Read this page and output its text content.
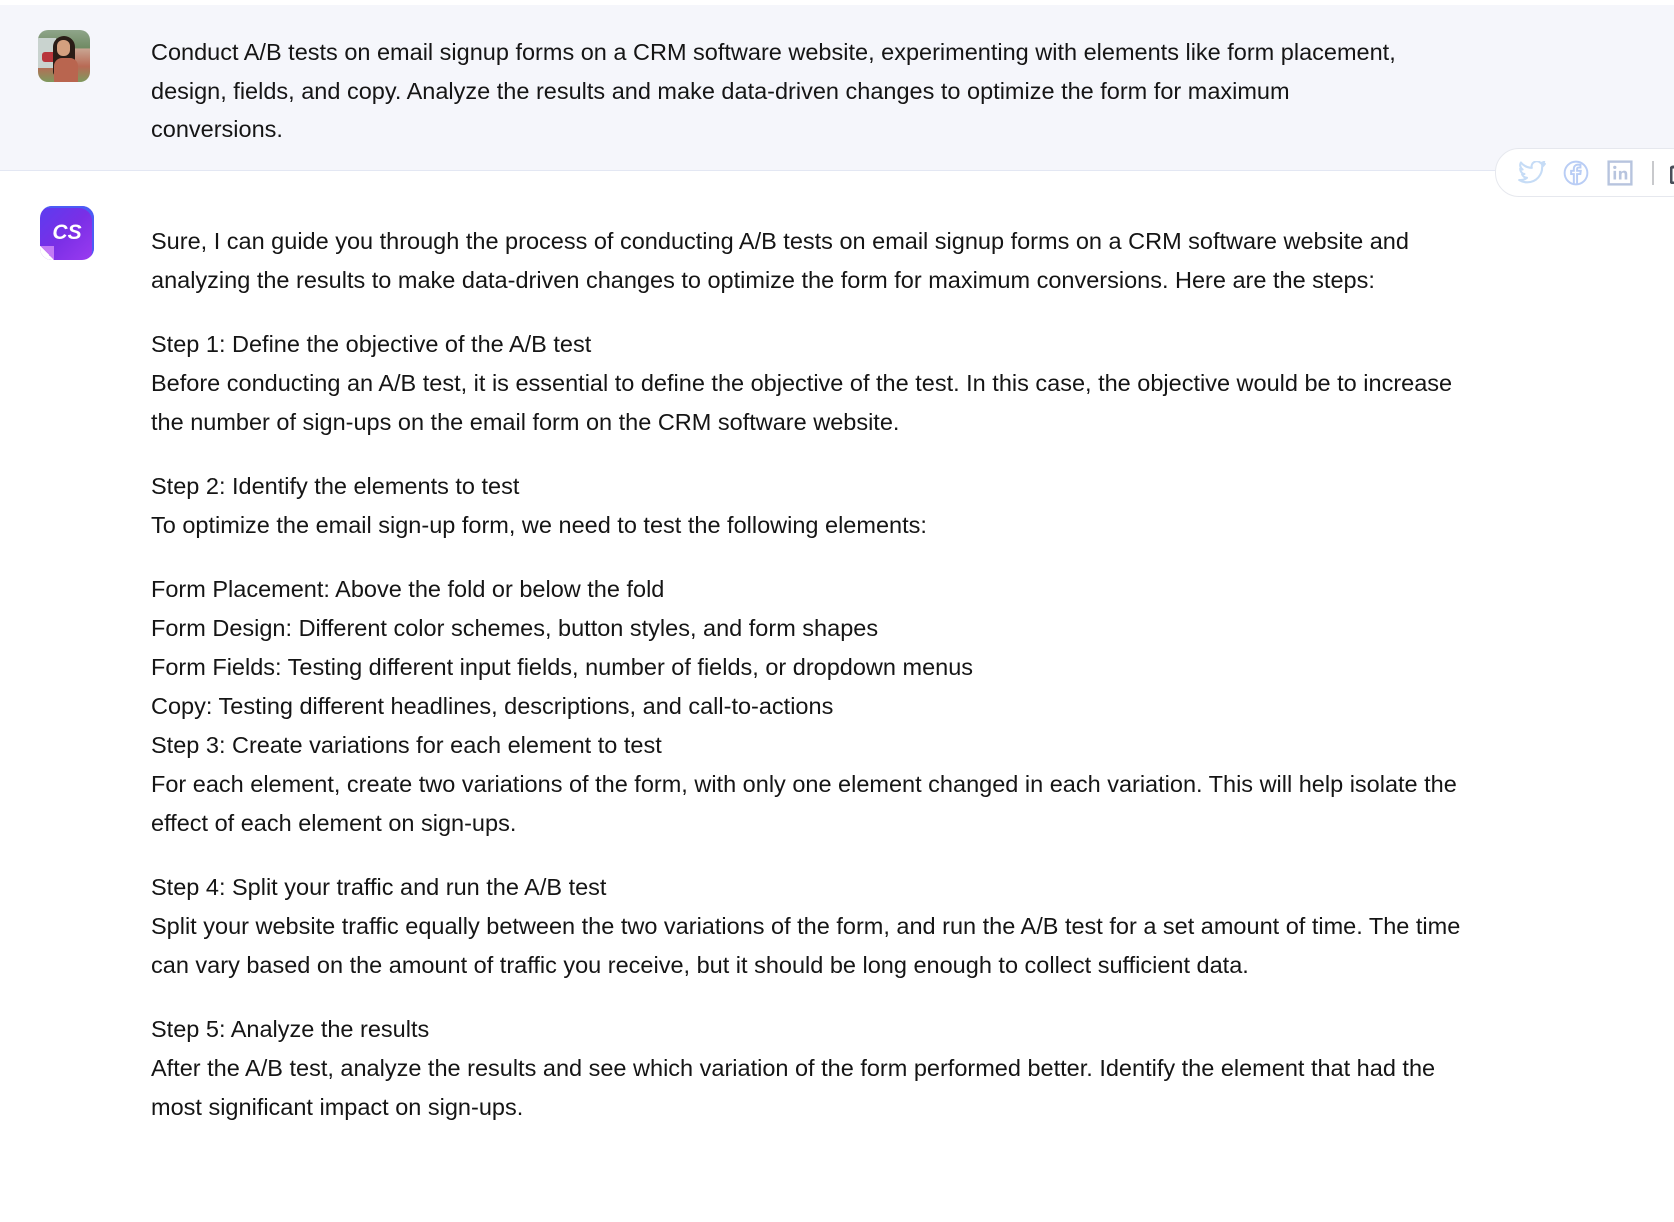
Conduct A/B tests on email signup forms on a CRM software website, experimenting with elements like form placement, design, fields, and copy. Analyze the results and make data-driven changes to optimize the form for maximum conversions.
CS	Sure, I can guide you through the process of conducting A/B tests on email signup forms on a CRM software website and analyzing the results to make data-driven changes to optimize the form for maximum conversions. Here are the steps:

Step 1: Define the objective of the A/B test
Before conducting an A/B test, it is essential to define the objective of the test. In this case, the objective would be to increase the number of sign-ups on the email form on the CRM software website.

Step 2: Identify the elements to test
To optimize the email sign-up form, we need to test the following elements:

Form Placement: Above the fold or below the fold
Form Design: Different color schemes, button styles, and form shapes
Form Fields: Testing different input fields, number of fields, or dropdown menus
Copy: Testing different headlines, descriptions, and call-to-actions
Step 3: Create variations for each element to test

For each element, create two variations of the form, with only one element changed in each variation. This will help isolate the effect of each element on sign-ups.

Step 4: Split your traffic and run the A/B test
Split your website traffic equally between the two variations of the form, and run the A/B test for a set amount of time. The time can vary based on the amount of traffic you receive, but it should be long enough to collect sufficient data.

Step 5: Analyze the results
After the A/B test, analyze the results and see which variation of the form performed better. Identify the element that had the most significant impact on sign-ups.
